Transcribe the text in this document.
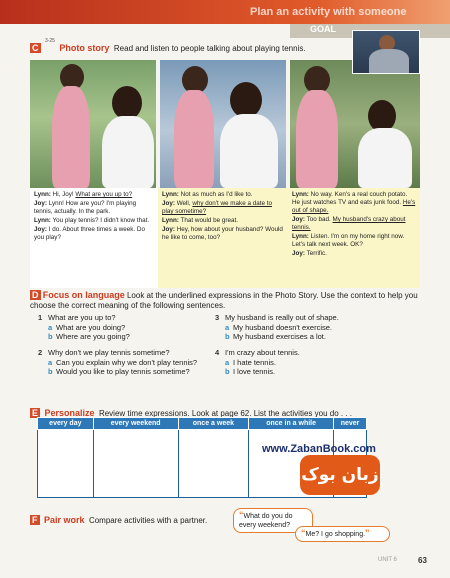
Plan an activity with someone
GOAL
C $^{3-25}$ Photo story Read and listen to people talking about playing tennis.

Lynn: Hi, Joy! What are you up to?

Joy: Lynn! How are you? I'm playing tennis, actually. In the park.

Lynn: You play tennis? I didn't know that.

Joy: I do. About three times a week. Do you play?

Lynn: Not as much as I'd like to.

Joy: Well, why don't we make a date to play sometime?

Lynn: That would be great.

Joy: Hey, how about your husband? Would he like to come, too?

Lynn: No way. Ken's a real couch potato. He just watches TV and eats junk food. He's out of shape.

Joy: Too bad. My husband's crazy about tennis.

Lynn: Listen. I'm on my home right now. Let's talk next week. OK?

Joy: Terrific.

D Focus on language Look at the underlined expressions in the Photo Story. Use the context to help you choose the correct meaning of the following sentences.
1 What are you up to?
a What are you doing?
b Where are you going?
2 Why don't we play tennis sometime?
a Can you explain why we don't play tennis?
b Would you like to play tennis sometime?
3 My husband is really out of shape.
a My husband doesn't exercise.
b My husband exercises a lot.
4 I'm crazy about tennis.
a I hate tennis.
b I love tennis.
E Personalize Review time expressions. Look at page 62. List the activities you do . . .
every day	every weekend	once a week	once in a while	never

www.ZabanBook.com
زبان بوک
F Pair work Compare activities with a partner.
“What do you do every weekend?
“Me? I go shopping.”
UNIT 6	63
